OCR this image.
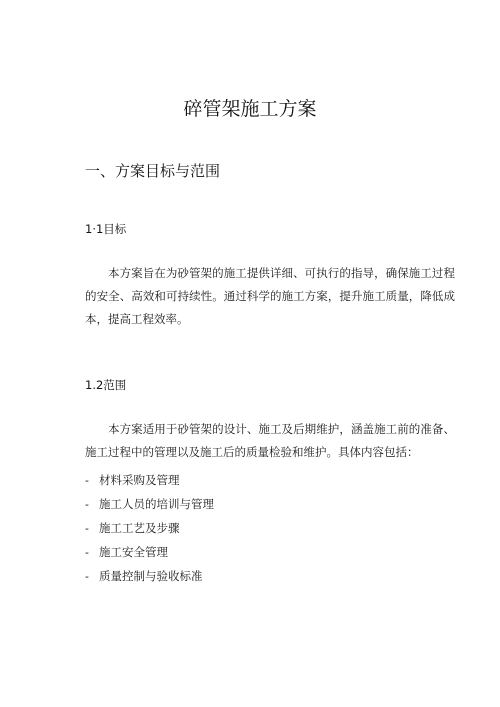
碎管架施工方案
一、方案目标与范围
1·1目标
本方案旨在为砂管架的施工提供详细、可执行的指导，确保施工过程的安全、高效和可持续性。通过科学的施工方案，提升施工质量，降低成本，提高工程效率。
1.2范围
本方案适用于砂管架的设计、施工及后期维护，涵盖施工前的准备、施工过程中的管理以及施工后的质量检验和维护。具体内容包括：
- 材料采购及管理
- 施工人员的培训与管理
- 施工工艺及步骤
- 施工安全管理
- 质量控制与验收标准
